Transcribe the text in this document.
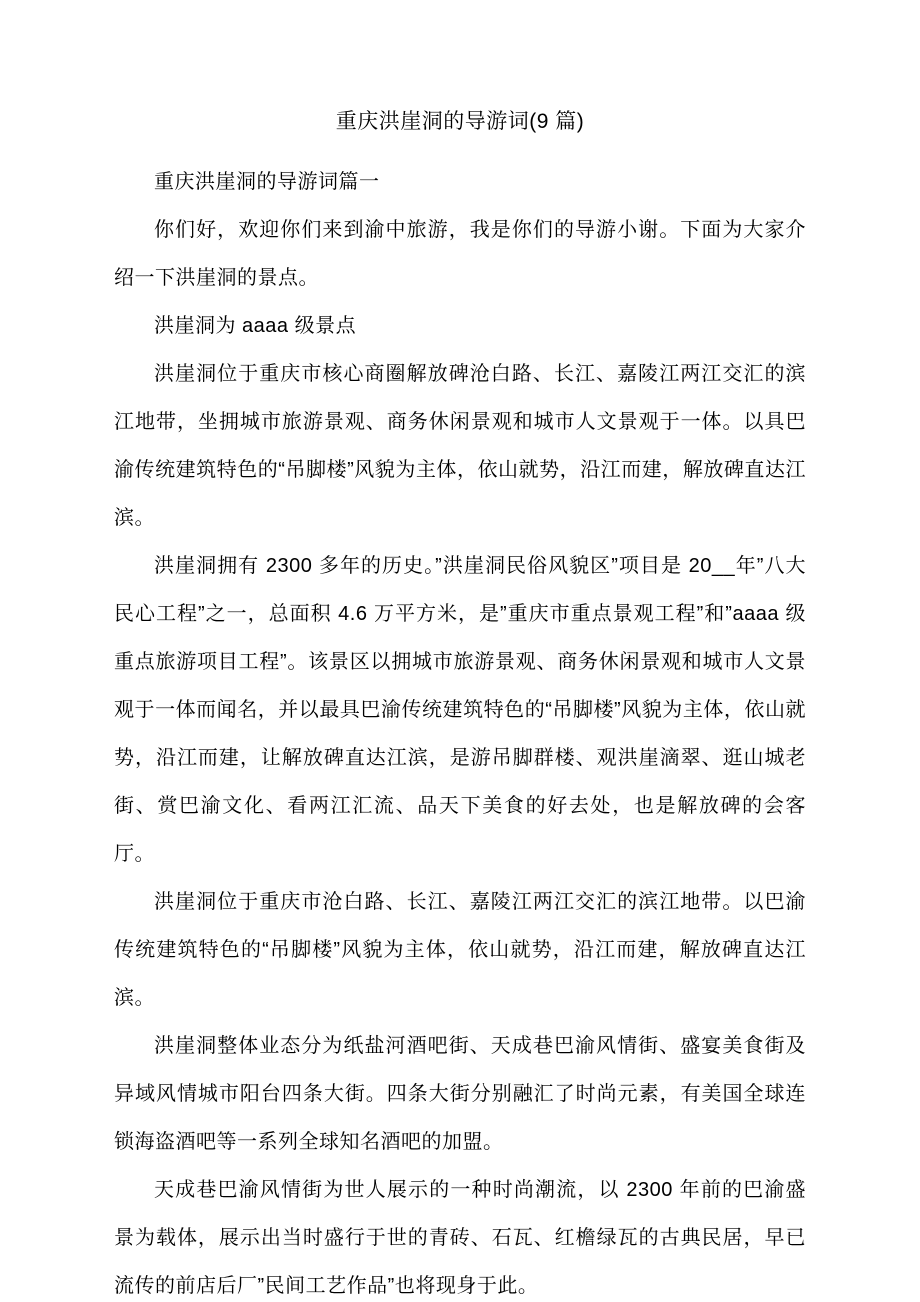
重庆洪崖洞的导游词(9 篇)

重庆洪崖洞的导游词篇一

你们好，欢迎你们来到渝中旅游，我是你们的导游小谢。下面为大家介绍一下洪崖洞的景点。

洪崖洞为 aaaa 级景点

洪崖洞位于重庆市核心商圈解放碑沧白路、长江、嘉陵江两江交汇的滨江地带，坐拥城市旅游景观、商务休闲景观和城市人文景观于一体。以具巴渝传统建筑特色的“吊脚楼”风貌为主体，依山就势，沿江而建，解放碑直达江滨。

洪崖洞拥有 2300 多年的历史。”洪崖洞民俗风貌区”项目是 20__年”八大民心工程”之一，总面积 4.6 万平方米，是”重庆市重点景观工程”和”aaaa 级重点旅游项目工程”。该景区以拥城市旅游景观、商务休闲景观和城市人文景观于一体而闻名，并以最具巴渝传统建筑特色的“吊脚楼”风貌为主体，依山就势，沿江而建，让解放碑直达江滨，是游吊脚群楼、观洪崖滴翠、逛山城老街、赏巴渝文化、看两江汇流、品天下美食的好去处，也是解放碑的会客厅。

洪崖洞位于重庆市沧白路、长江、嘉陵江两江交汇的滨江地带。以巴渝传统建筑特色的“吊脚楼”风貌为主体，依山就势，沿江而建，解放碑直达江滨。

洪崖洞整体业态分为纸盐河酒吧街、天成巷巴渝风情街、盛宴美食街及异域风情城市阳台四条大街。四条大街分别融汇了时尚元素，有美国全球连锁海盗酒吧等一系列全球知名酒吧的加盟。

天成巷巴渝风情街为世人展示的一种时尚潮流，以 2300 年前的巴渝盛景为载体，展示出当时盛行于世的青砖、石瓦、红檐绿瓦的古典民居，早已流传的前店后厂”民间工艺作品”也将现身于此。
